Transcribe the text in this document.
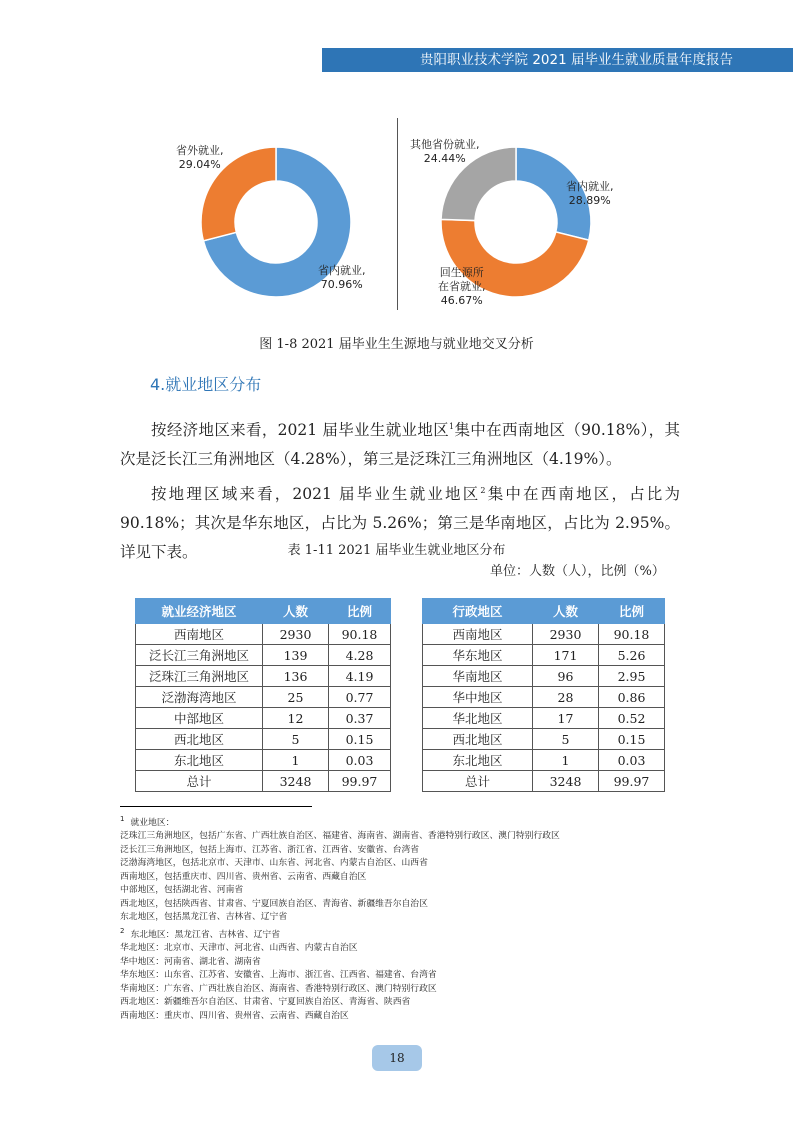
贵阳职业技术学院 2021 届毕业生就业质量年度报告
省外就业,
29.04%
省内就业,
70.96%
其他省份就业,
24.44%
省内就业,
28.89%
回生源所
在省就业,
46.67%
图 1-8 2021 届毕业生生源地与就业地交叉分析
4.就业地区分布
按经济地区来看，2021 届毕业生就业地区$^1$集中在西南地区（90.18%），其次是泛长江三角洲地区（4.28%），第三是泛珠江三角洲地区（4.19%）。
按地理区域来看，2021 届毕业生就业地区$^2$集中在西南地区，占比为 90.18%；其次是华东地区，占比为 5.26%；第三是华南地区，占比为 2.95%。详见下表。	表 1-11 2021 届毕业生就业地区分布
单位：人数（人），比例（%）
就业经济地区	人数	比例
西南地区	2930	90.18
泛长江三角洲地区	139	4.28
泛珠江三角洲地区	136	4.19
泛渤海湾地区	25	0.77
中部地区	12	0.37
西北地区	5	0.15
东北地区	1	0.03
总计	3248	99.97
行政地区	人数	比例
西南地区	2930	90.18
华东地区	171	5.26
华南地区	96	2.95
华中地区	28	0.86
华北地区	17	0.52
西北地区	5	0.15
东北地区	1	0.03
总计	3248	99.97
$^1$ 就业地区：
泛珠江三角洲地区，包括广东省、广西壮族自治区、福建省、海南省、湖南省、香港特别行政区、澳门特别行政区
泛长江三角洲地区，包括上海市、江苏省、浙江省、江西省、安徽省、台湾省
泛渤海湾地区，包括北京市、天津市、山东省、河北省、内蒙古自治区、山西省
西南地区，包括重庆市、四川省、贵州省、云南省、西藏自治区
中部地区，包括湖北省、河南省
西北地区，包括陕西省、甘肃省、宁夏回族自治区、青海省、新疆维吾尔自治区
东北地区，包括黑龙江省、吉林省、辽宁省
$^2$ 东北地区：黑龙江省、吉林省、辽宁省
华北地区：北京市、天津市、河北省、山西省、内蒙古自治区
华中地区：河南省、湖北省、湖南省
华东地区：山东省、江苏省、安徽省、上海市、浙江省、江西省、福建省、台湾省
华南地区：广东省、广西壮族自治区、海南省、香港特别行政区、澳门特别行政区
西北地区：新疆维吾尔自治区、甘肃省、宁夏回族自治区、青海省、陕西省
西南地区：重庆市、四川省、贵州省、云南省、西藏自治区
18
